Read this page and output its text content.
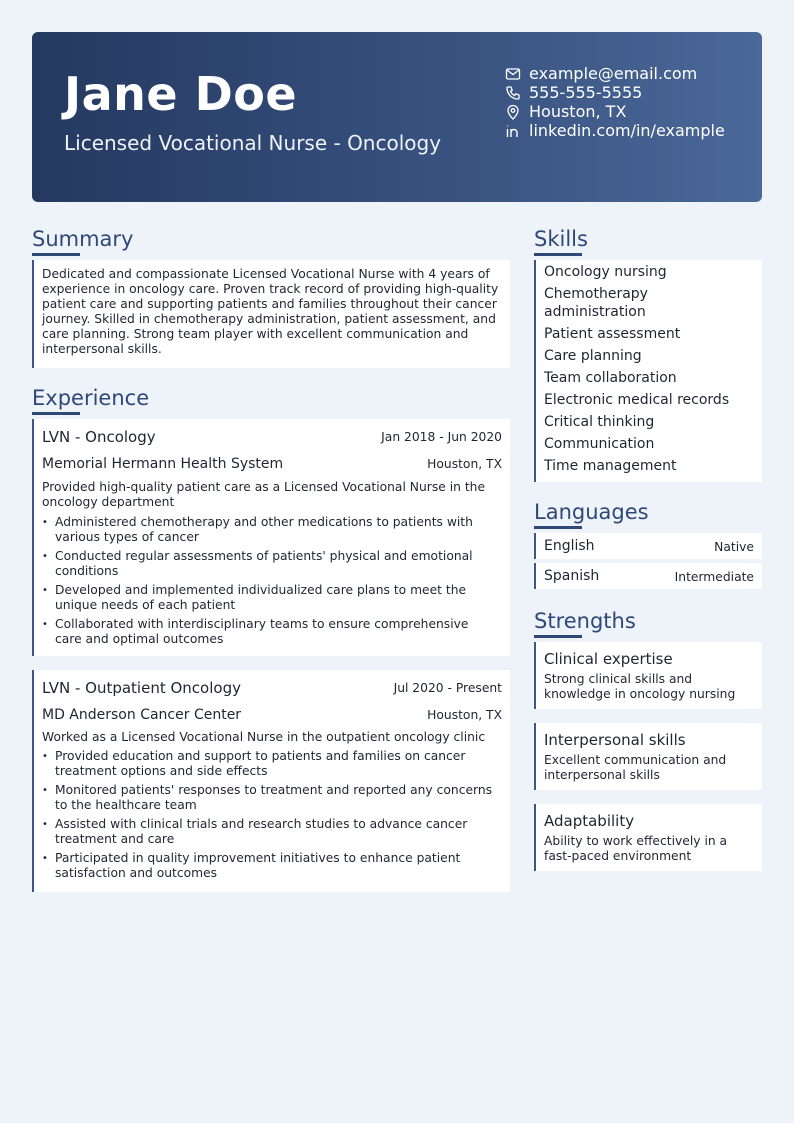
Jane Doe
Licensed Vocational Nurse - Oncology
example@email.com
555-555-5555
Houston, TX
linkedin.com/in/example
Summary
Dedicated and compassionate Licensed Vocational Nurse with 4 years of experience in oncology care. Proven track record of providing high-quality patient care and supporting patients and families throughout their cancer journey. Skilled in chemotherapy administration, patient assessment, and care planning. Strong team player with excellent communication and interpersonal skills.
Experience
LVN - Oncology	Jan 2018 - Jun 2020
Memorial Hermann Health System	Houston, TX
Provided high-quality patient care as a Licensed Vocational Nurse in the oncology department
• Administered chemotherapy and other medications to patients with various types of cancer
• Conducted regular assessments of patients' physical and emotional conditions
• Developed and implemented individualized care plans to meet the unique needs of each patient
• Collaborated with interdisciplinary teams to ensure comprehensive care and optimal outcomes
LVN - Outpatient Oncology	Jul 2020 - Present
MD Anderson Cancer Center	Houston, TX
Worked as a Licensed Vocational Nurse in the outpatient oncology clinic
• Provided education and support to patients and families on cancer treatment options and side effects
• Monitored patients' responses to treatment and reported any concerns to the healthcare team
• Assisted with clinical trials and research studies to advance cancer treatment and care
• Participated in quality improvement initiatives to enhance patient satisfaction and outcomes
Skills
Oncology nursing
Chemotherapy administration
Patient assessment
Care planning
Team collaboration
Electronic medical records
Critical thinking
Communication
Time management
Languages
English	Native
Spanish	Intermediate
Strengths
Clinical expertise
Strong clinical skills and knowledge in oncology nursing
Interpersonal skills
Excellent communication and interpersonal skills
Adaptability
Ability to work effectively in a fast-paced environment
